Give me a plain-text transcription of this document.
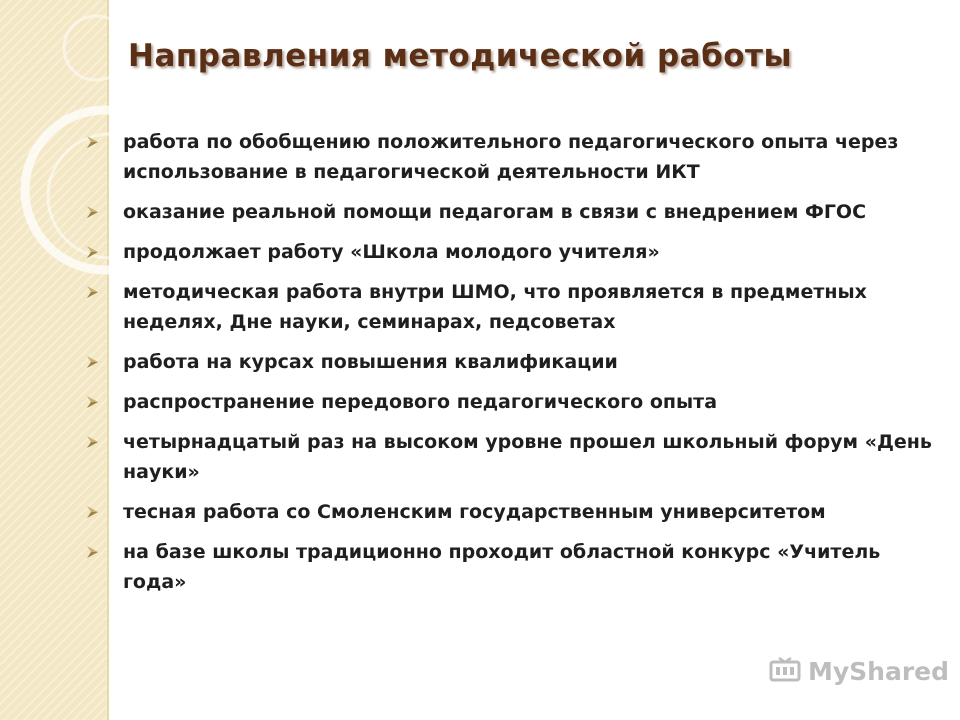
Направления методической работы
работа по обобщению положительного педагогического опыта через использование в педагогической деятельности ИКТ
оказание реальной помощи педагогам в связи с внедрением ФГОС
продолжает работу «Школа молодого учителя»
методическая работа внутри ШМО, что проявляется в предметных неделях, Дне науки, семинарах, педсоветах
работа на курсах повышения квалификации
распространение передового педагогического опыта
четырнадцатый раз на высоком уровне прошел школьный форум «День науки»
тесная работа со Смоленским государственным университетом
на базе школы традиционно проходит областной конкурс «Учитель года»
MyShared
